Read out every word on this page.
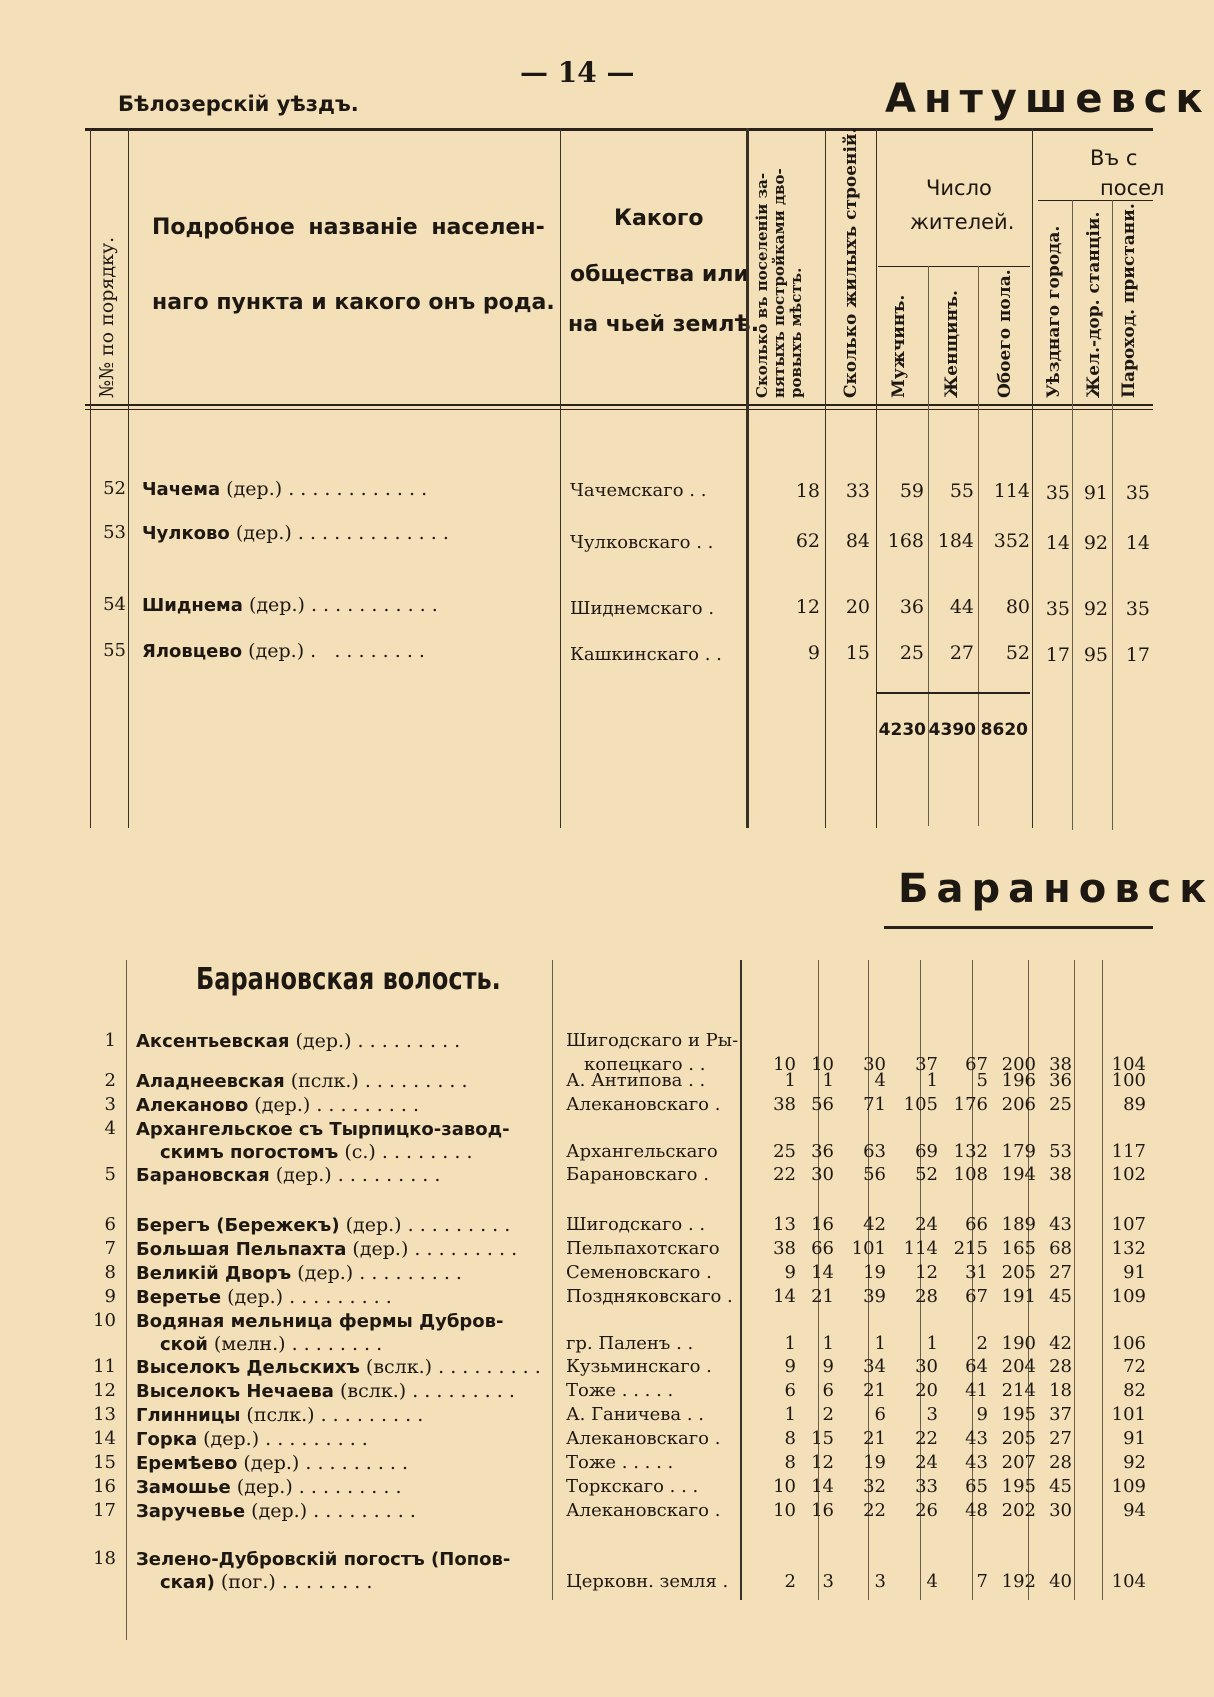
— 14 —
Бѣлозерскій уѣздъ.	Антушевск
№№ по порядку.
Подробное названіе населен-
наго пункта и какого онъ рода.
Какого
общества или
на чьей землѣ.
Сколько въ поселеніи за-
нятыхъ постройками дво-
ровыхъ мѣстъ. Сколько жилыхъ строеній.	Число
жителей.
Мужчинъ. Женщинъ. Обоего пола.
Въ с
посел
Уѣзднаго города. Жел.-дор. станціи. Пароход. пристани.
52 Чачема (дер.) . . . . . . . . . . . .	Чачемскаго . .	18	33	59	55	114 35 91 35
53 Чулково (дер.) . . . . . . . . . . . . .	Чулковскаго . .	62	84 168 184	352 14 92 14
54 Шиднема (дер.) . . . . . . . . . . .	Шиднемскаго .	12	20	36	44	80 35 92 35
55 Яловцево (дер.) .   . . . . . . . .	Кашкинскаго . .	9	15	25	27	52 17 95 17
4230 4390 8620
Барановск
Барановская волость.
1 Аксентьевская (дер.) . . . . . . . . .	Шигодскаго и Ры-
копецкаго . .	10 10	30	37	67 200 38	104
2 Аладнеевская (пслк.) . . . . . . . . .	А. Антипова . .	1	1	4	1	5 196 36	100
3 Алеканово (дер.) . . . . . . . . .	Алекановскаго .	38 56	71 105 176 206 25	89
4 Архангельское съ Тырпицко-завод-
скимъ погостомъ (с.) . . . . . . . .	Архангельскаго	25 36	63	69 132 179 53	117
5 Барановская (дер.) . . . . . . . . .	Барановскаго .	22 30	56	52 108 194 38	102
6 Берегъ (Бережекъ) (дер.) . . . . . . . . .	Шигодскаго . .	13 16	42	24	66 189 43	107
7 Большая Пельпахта (дер.) . . . . . . . . .	Пельпахотскаго	38 66 101 114 215 165 68	132
8 Великій Дворъ (дер.) . . . . . . . . .	Семеновскаго .	9 14	19	12	31 205 27	91
9 Веретье (дер.) . . . . . . . . .	Поздняковскаго .	14 21	39	28	67 191 45	109
10 Водяная мельница фермы Дубров-
ской (мелн.) . . . . . . . .	гр. Паленъ . .	1	1	1	1	2 190 42	106
11 Выселокъ Дельскихъ (вслк.) . . . . . . . . . Кузьминскаго .	9	9	34	30	64 204 28	72
12 Выселокъ Нечаева (вслк.) . . . . . . . . .	Тоже . . . . .	6	6	21	20	41 214 18	82
13 Глинницы (пслк.) . . . . . . . . .	А. Ганичева . .	1	2	6	3	9 195 37	101
14 Горка (дер.) . . . . . . . . .	Алекановскаго .	8 15	21	22	43 205 27	91
15 Еремѣево (дер.) . . . . . . . . .	Тоже . . . . .	8 12	19	24	43 207 28	92
16 Замошье (дер.) . . . . . . . . .	Торкскаго . . .	10 14	32	33	65 195 45	109
17 Заручевье (дер.) . . . . . . . . .	Алекановскаго .	10 16	22	26	48 202 30	94
18 Зелено-Дубровскій погостъ (Попов-
ская) (пог.) . . . . . . . .	Церковн. земля .	2	3	3	4	7 192 40	104
